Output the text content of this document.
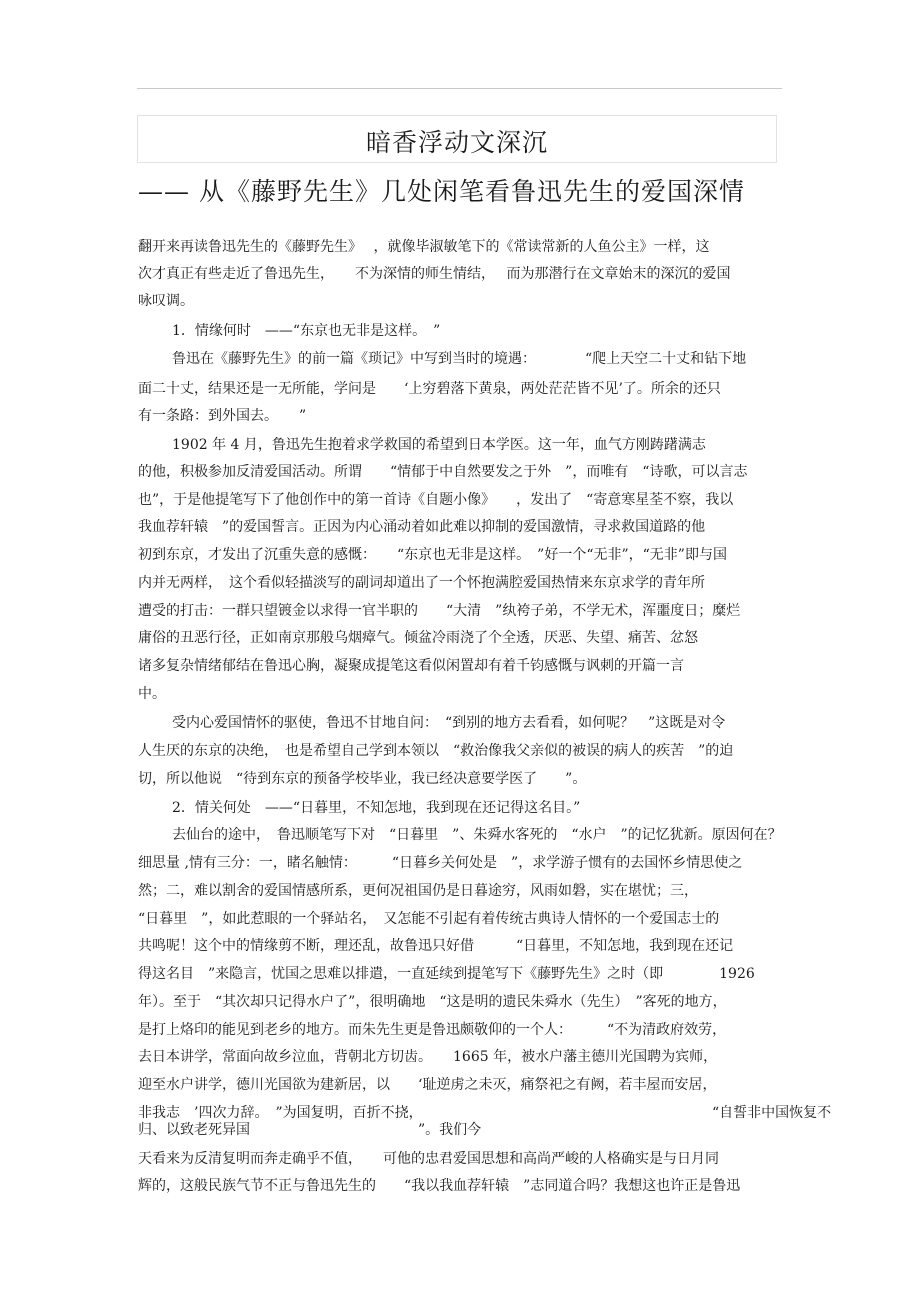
暗香浮动文深沉
—— 从《藤野先生》几处闲笔看鲁迅先生的爱国深情
翻开来再读鲁迅先生的《藤野先生》　 ，就像毕淑敏笔下的《常读常新的人鱼公主》一样，这
次才真正有些走近了鲁迅先生，　　不为深情的师生情结，　 而为那潜行在文章始末的深沉的爱国
咏叹调。
1．情缘何时　——“东京也无非是这样。　”
鲁迅在《藤野先生》的前一篇《琐记》中写到当时的境遇：　　　　“爬上天空二十丈和钻下地
面二十丈，结果还是一无所能，学问是　　‘上穷碧落下黄泉，两处茫茫皆不见’了。所余的还只
有一条路：到外国去。　　”
1902 年 4 月，鲁迅先生抱着求学救国的希望到日本学医。这一年，血气方刚踌躇满志
的他，积极参加反清爱国活动。所谓　　“情郁于中自然要发之于外　”，而唯有　“诗歌，可以言志
也”，于是他提笔写下了他创作中的第一首诗《自题小像》　　，发出了　“寄意寒星荃不察，我以
我血荐轩辕　”的爱国誓言。正因为内心涌动着如此难以抑制的爱国激情，寻求救国道路的他
初到东京，才发出了沉重失意的感慨：　　“东京也无非是这样。　”好一个“无非”，“无非”即与国
内并无两样，　这个看似轻描淡写的副词却道出了一个怀抱满腔爱国热情来东京求学的青年所
遭受的打击：一群只望镀金以求得一官半职的　　“大清　”纨袴子弟，不学无术，浑噩度日；糜烂
庸俗的丑恶行径，正如南京那般乌烟瘴气。倾盆冷雨浇了个全透，厌恶、失望、痛苦、忿怒
诸多复杂情绪郁结在鲁迅心胸，凝聚成提笔这看似闲置却有着千钧感慨与讽刺的开篇一言
中。
受内心爱国情怀的驱使，鲁迅不甘地自问：　“到别的地方去看看，如何呢？　”这既是对令
人生厌的东京的决绝，　也是希望自己学到本领以　“救治像我父亲似的被误的病人的疾苦　”的迫
切，所以他说　“待到东京的预备学校毕业，我已经决意要学医了　　”。
2．情关何处　——“日暮里，不知怎地，我到现在还记得这名目。”
去仙台的途中，　鲁迅顺笔写下对　“日暮里　”、朱舜水客死的　“水户　”的记忆犹新。原因何在？
细思量 ,情有三分：一，睹名触情：　　　“日暮乡关何处是　”，求学游子惯有的去国怀乡情思使之
然；二，难以割舍的爱国情感所系，更何况祖国仍是日暮途穷，风雨如磐，实在堪忧；三，
“日暮里　”，如此惹眼的一个驿站名，　又怎能不引起有着传统古典诗人情怀的一个爱国志士的
共鸣呢！这个中的情缘剪不断，理还乱，故鲁迅只好借　　　“日暮里，不知怎地，我到现在还记
得这名目　”来隐言，忧国之思难以排遣，一直延续到提笔写下《藤野先生》之时（即　　　　1926
年）。至于　“其次却只记得水户了”，很明确地　“这是明的遗民朱舜水（先生）　”客死的地方，
是打上烙印的能见到老乡的地方。而朱先生更是鲁迅颇敬仰的一个人：　　　“不为清政府效劳，
去日本讲学，常面向故乡泣血，背朝北方切齿。　　1665 年，被水户藩主德川光国聘为宾师，
迎至水户讲学，德川光国欲为建新居，以　　‘耻逆虏之未灭，痛祭祀之有阙，若丰屋而安居，
非我志　’四次力辞。　”为国复明，百折不挠，	“自誓非中国恢复不
归、以致老死异国　　　　　　　　　　　　”。我们今
天看来为反清复明而奔走确乎不值，　　可他的忠君爱国思想和高尚严峻的人格确实是与日月同
辉的，这般民族气节不正与鲁迅先生的　　“我以我血荐轩辕　”志同道合吗？我想这也许正是鲁迅
